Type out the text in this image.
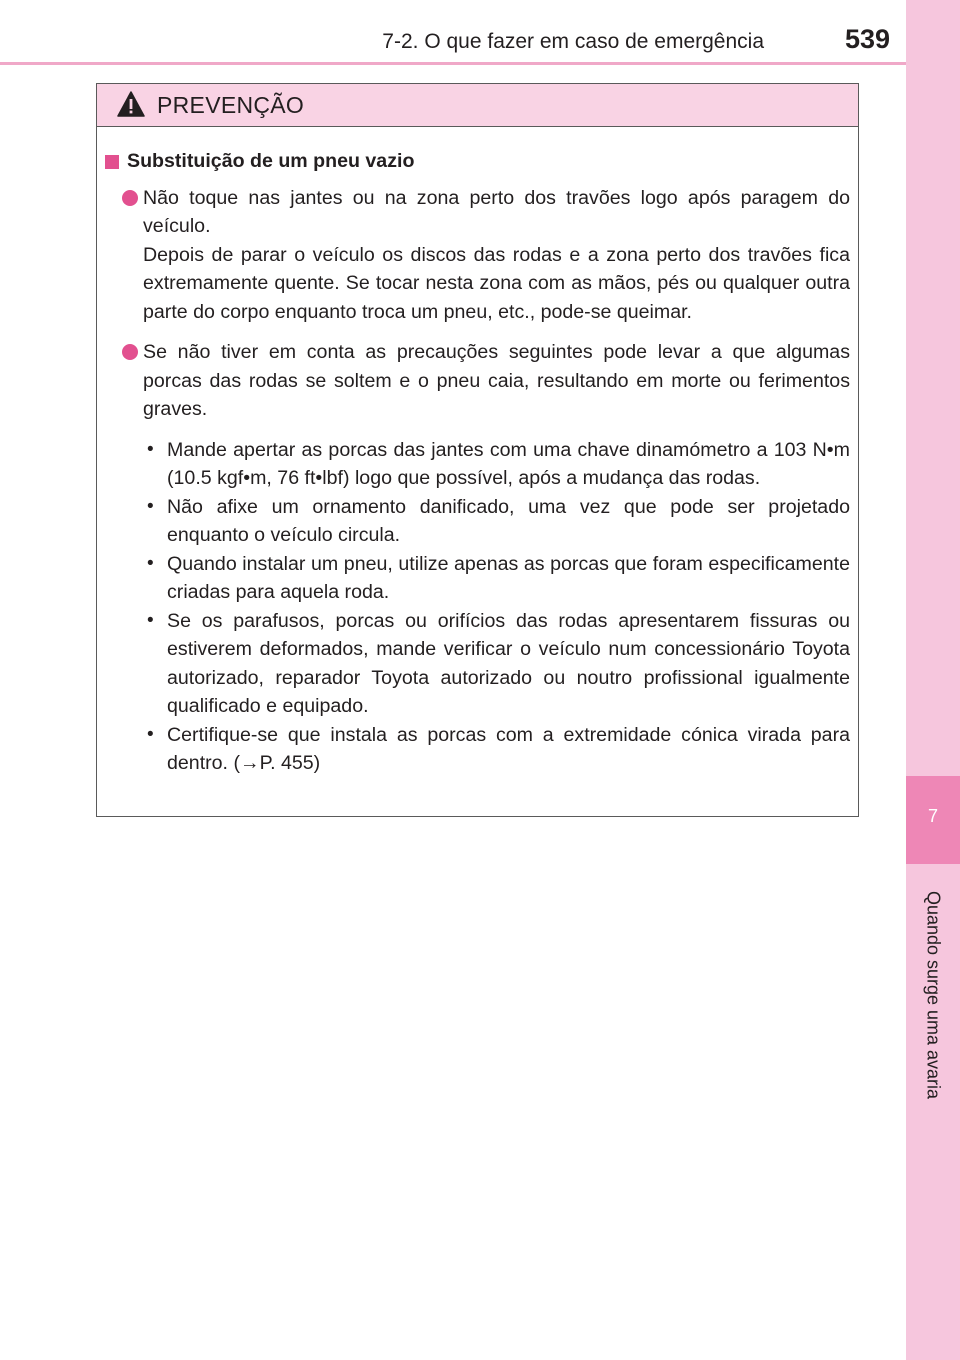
7-2. O que fazer em caso de emergência	539
7
Quando surge uma avaria
PREVENÇÃO
Substituição de um pneu vazio
Não toque nas jantes ou na zona perto dos travões logo após paragem do veículo.
Depois de parar o veículo os discos das rodas e a zona perto dos travões fica extremamente quente. Se tocar nesta zona com as mãos, pés ou qualquer outra parte do corpo enquanto troca um pneu, etc., pode-se queimar.
Se não tiver em conta as precauções seguintes pode levar a que algumas porcas das rodas se soltem e o pneu caia, resultando em morte ou ferimentos graves.
• Mande apertar as porcas das jantes com uma chave dinamómetro a 103 N•m (10.5 kgf•m, 76 ft•lbf) logo que possível, após a mudança das rodas.
• Não afixe um ornamento danificado, uma vez que pode ser projetado enquanto o veículo circula.
• Quando instalar um pneu, utilize apenas as porcas que foram especificamente criadas para aquela roda.
• Se os parafusos, porcas ou orifícios das rodas apresentarem fissuras ou estiverem deformados, mande verificar o veículo num concessionário Toyota autorizado, reparador Toyota autorizado ou noutro profissional igualmente qualificado e equipado.
• Certifique-se que instala as porcas com a extremidade cónica virada para dentro. (→P. 455)
